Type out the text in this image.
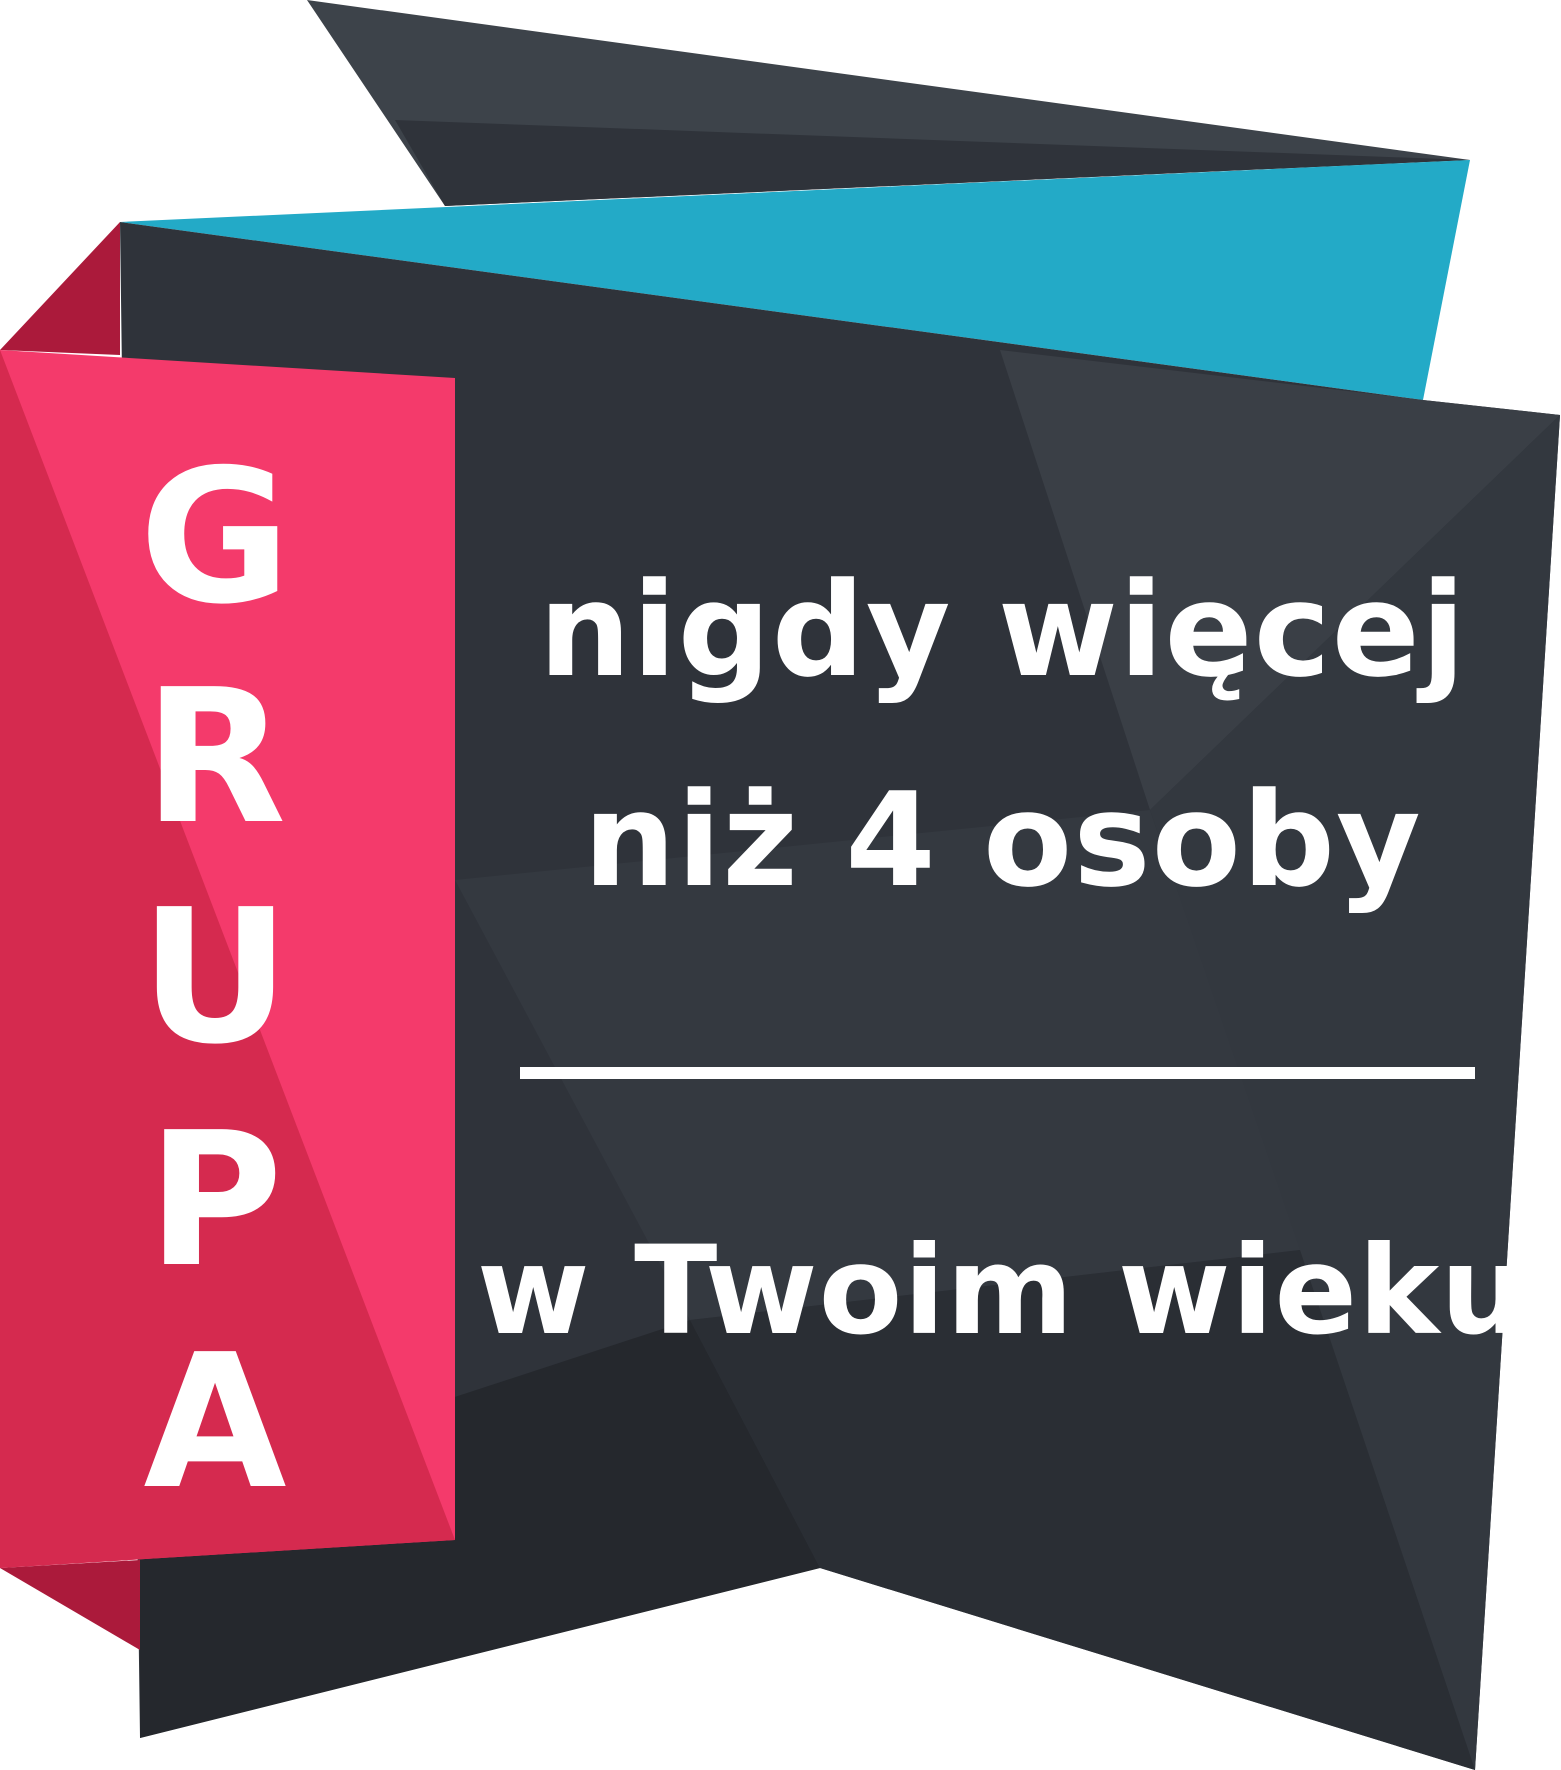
G
R
U
P
A
nigdy więcej
niż 4 osoby
w Twoim wieku
